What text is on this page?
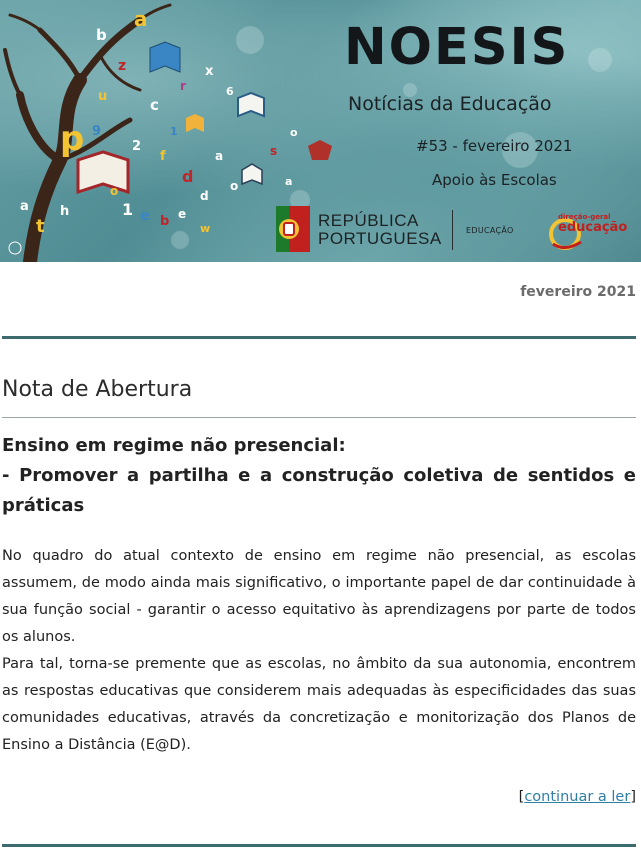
a
b
z
u
p
r
x
c
9
2
f
d
a
o
s
o
d
a
1 e b e
w
h
t
a
6
1
o
NOESIS
Notícias da Educação
#53 - fevereiro 2021
Apoio às Escolas
REPÚBLICA
PORTUGUESA	EDUCAÇÃO
direção-geral
educação
fevereiro 2021
Nota de Abertura
Ensino em regime não presencial:
- Promover a partilha e a construção coletiva de sentidos e práticas
No quadro do atual contexto de ensino em regime não presencial, as escolas assumem, de modo ainda mais significativo, o importante papel de dar continuidade à sua função social - garantir o acesso equitativo às aprendizagens por parte de todos os alunos.
Para tal, torna-se premente que as escolas, no âmbito da sua autonomia, encontrem as respostas educativas que considerem mais adequadas às especificidades das suas comunidades educativas, através da concretização e monitorização dos Planos de Ensino a Distância (E@D).
[continuar a ler]
